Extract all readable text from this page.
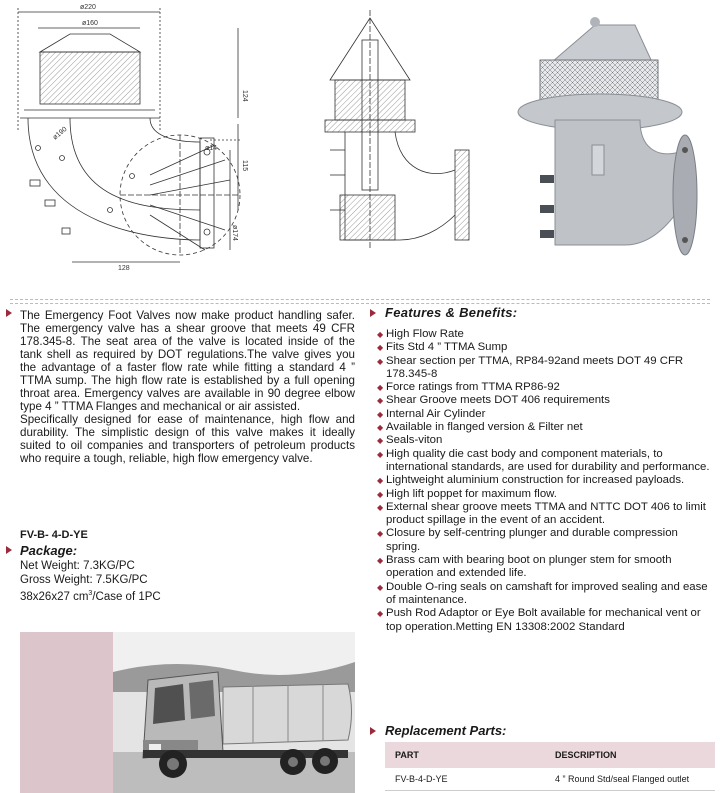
ø220
ø160
124
115
128
ø14
ø174
ø190

The Emergency Foot Valves now make product handling safer. The emergency valve has a shear groove that meets 49 CFR 178.345-8. The seat area of the valve is located inside of the tank shell as required by DOT regulations.The valve gives you the advantage of a faster flow rate while fitting a standard 4 ” TTMA sump. The high flow rate is established by a full opening throat area. Emergency valves are available in 90 degree elbow type 4 ” TTMA Flanges and mechanical or air assisted.

Specifically designed for ease of maintenance, high flow and durability. The simplistic design of this valve makes it ideally suited to oil companies and transporters of petroleum products who require a tough, reliable, high flow emergency valve.

FV-B- 4-D-YE
Package:
Net Weight: 7.3KG/PC
Gross Weight: 7.5KG/PC
38x26x27 $cm^3$/Case of 1PC
Features & Benefits:
◆ High Flow Rate
◆ Fits Std 4 ” TTMA Sump
◆ Shear section per TTMA, RP84-92and meets DOT 49 CFR 178.345-8
◆ Force ratings from TTMA RP86-92
◆ Shear Groove meets DOT 406 requirements
◆ Internal Air Cylinder
◆ Available in flanged version & Filter net
◆ Seals-viton
◆ High quality die cast body and component materials, to international standards, are used for durability and performance.
◆ Lightweight aluminium construction for increased payloads.
◆ High lift poppet for maximum flow.
◆ External shear groove meets TTMA and NTTC DOT 406 to limit product spillage in the event of an accident.
◆ Closure by self-centring plunger and durable compression spring.
◆ Brass cam with bearing boot on plunger stem for smooth operation and extended life.
◆ Double O-ring seals on camshaft for improved sealing and ease of maintenance.
◆ Push Rod Adaptor or Eye Bolt available for mechanical vent or top operation.Metting EN 13308:2002 Standard
Replacement Parts:
PART	DESCRIPTION
FV-B-4-D-YE	4 ” Round Std/seal Flanged outlet
